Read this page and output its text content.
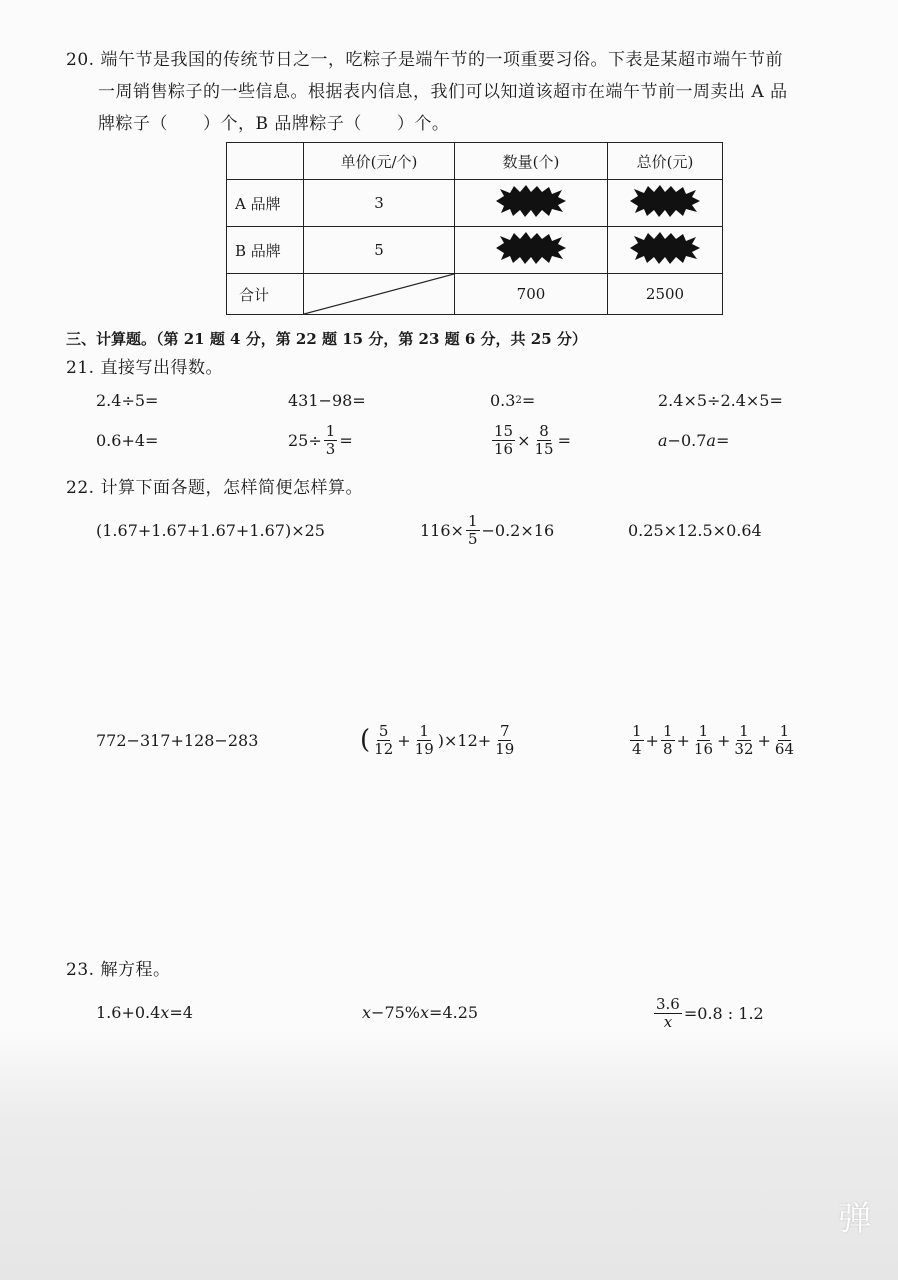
20. 端午节是我国的传统节日之一，吃粽子是端午节的一项重要习俗。下表是某超市端午节前
一周销售粽子的一些信息。根据表内信息，我们可以知道该超市在端午节前一周卖出 A 品
牌粽子（　　）个，B 品牌粽子（　　）个。
	单价(元/个)	数量(个)	总价(元)
A 品牌	3		
B 品牌	5		
合计		700	2500
三、计算题。（第 21 题 4 分，第 22 题 15 分，第 23 题 6 分，共 25 分）
21. 直接写出得数。
2.4÷5=	431−98=	0.3 2 =	2.4×5÷2.4×5=
0.6+4=	$25\div \frac{1}{3}$ =	$\frac{15}{16} \times \frac{8}{15}$ =	a −0.7 a =
22. 计算下面各题，怎样简便怎样算。
(1.67+1.67+1.67+1.67)×25	$116\times \frac{1}{5} -0.2\times 16$	0.25×12.5×0.64
772−317+128−283	( $\frac{5}{12} + \frac{1}{19} )\times 12+ \frac{7}{19}$	$\frac{1}{4} + \frac{1}{8} + \frac{1}{16} + \frac{1}{32} + \frac{1}{64}$
23. 解方程。
1.6+0.4 x =4	x −75% x =4.25	$\frac{3.6}{x} =0.8$ : 1.2
弹
